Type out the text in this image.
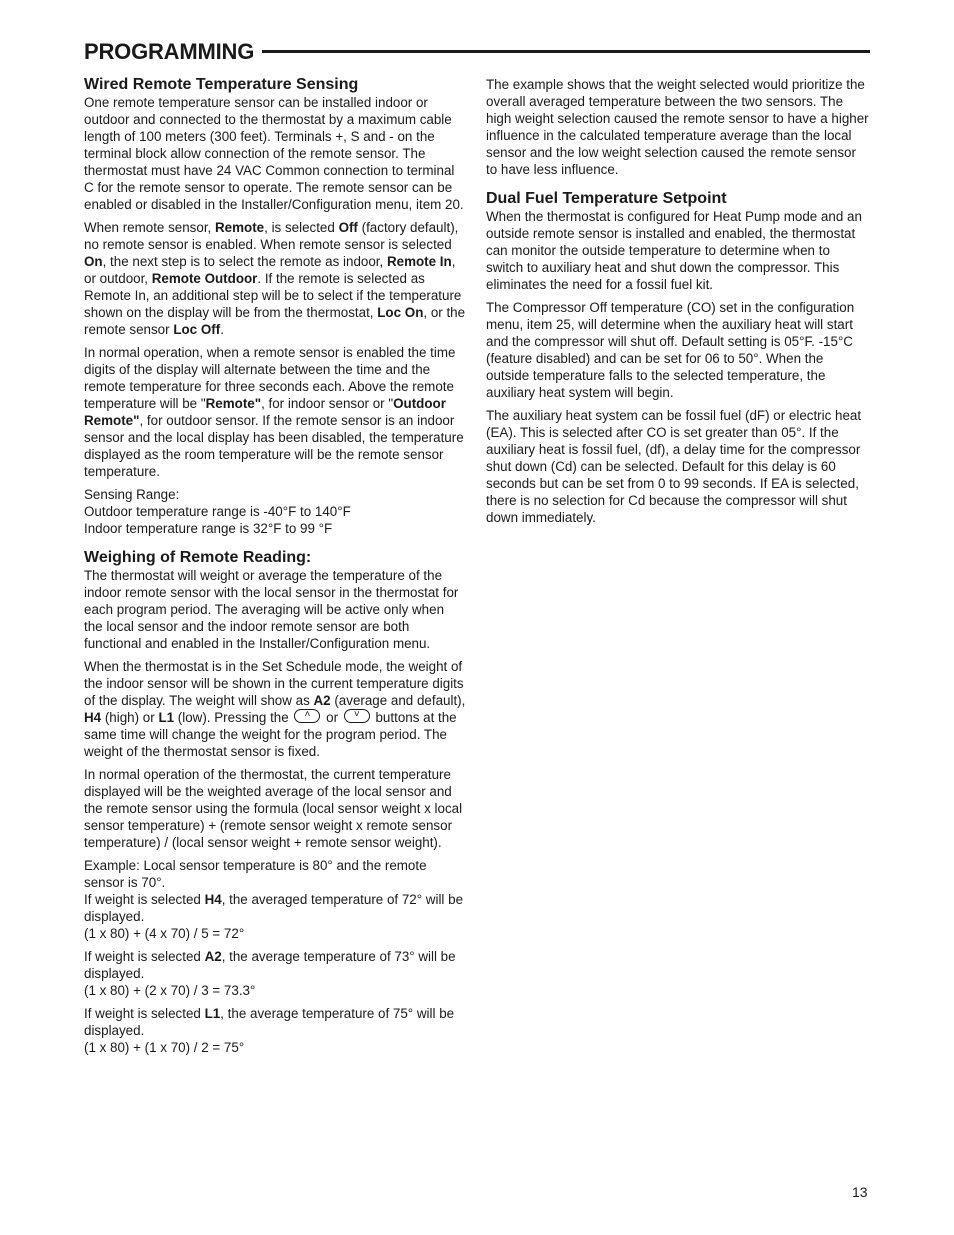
PROGRAMMING
Wired Remote Temperature Sensing

One remote temperature sensor can be installed indoor or outdoor and connected to the thermostat by a maximum cable length of 100 meters (300 feet). Terminals +, S and - on the terminal block allow connection of the remote sensor. The thermostat must have 24 VAC Common connection to terminal C for the remote sensor to operate. The remote sensor can be enabled or disabled in the Installer/Configuration menu, item 20.

When remote sensor, Remote, is selected Off (factory default), no remote sensor is enabled. When remote sensor is selected On, the next step is to select the remote as indoor, Remote In, or outdoor, Remote Outdoor. If the remote is selected as Remote In, an additional step will be to select if the temperature shown on the display will be from the thermostat, Loc On, or the remote sensor Loc Off.

In normal operation, when a remote sensor is enabled the time digits of the display will alternate between the time and the remote temperature for three seconds each. Above the remote temperature will be "Remote", for indoor sensor or "Outdoor Remote", for outdoor sensor. If the remote sensor is an indoor sensor and the local display has been disabled, the temperature displayed as the room temperature will be the remote sensor temperature.

Sensing Range:
Outdoor temperature range is -40°F to 140°F
Indoor temperature range is 32°F to 99 °F

Weighing of Remote Reading:

The thermostat will weight or average the temperature of the indoor remote sensor with the local sensor in the thermostat for each program period. The averaging will be active only when the local sensor and the indoor remote sensor are both functional and enabled in the Installer/Configuration menu.

When the thermostat is in the Set Schedule mode, the weight of the indoor sensor will be shown in the current temperature digits of the display. The weight will show as A2 (average and default), H4 (high) or L1 (low). Pressing the	˄ or	˅ buttons at the same time will change the weight for the program period. The weight of the thermostat sensor is fixed.

In normal operation of the thermostat, the current temperature displayed will be the weighted average of the local sensor and the remote sensor using the formula (local sensor weight x local sensor temperature) + (remote sensor weight x remote sensor temperature) / (local sensor weight + remote sensor weight).

Example: Local sensor temperature is 80° and the remote sensor is 70°.

If weight is selected H4, the averaged temperature of 72° will be displayed.
(1 x 80) + (4 x 70) / 5 = 72°

If weight is selected A2, the average temperature of 73° will be displayed.
(1 x 80) + (2 x 70) / 3 = 73.3°

If weight is selected L1, the average temperature of 75° will be displayed.
(1 x 80) + (1 x 70) / 2 = 75°

The example shows that the weight selected would prioritize the overall averaged temperature between the two sensors. The high weight selection caused the remote sensor to have a higher influence in the calculated temperature average than the local sensor and the low weight selection caused the remote sensor to have less influence.

Dual Fuel Temperature Setpoint

When the thermostat is configured for Heat Pump mode and an outside remote sensor is installed and enabled, the thermostat can monitor the outside temperature to determine when to switch to auxiliary heat and shut down the compressor. This eliminates the need for a fossil fuel kit.

The Compressor Off temperature (CO) set in the configuration menu, item 25, will determine when the auxiliary heat will start and the compressor will shut off. Default setting is 05°F. -15°C (feature disabled) and can be set for 06 to 50°. When the outside temperature falls to the selected temperature, the auxiliary heat system will begin.

The auxiliary heat system can be fossil fuel (dF) or electric heat (EA). This is selected after CO is set greater than 05°. If the auxiliary heat is fossil fuel, (df), a delay time for the compressor shut down (Cd) can be selected. Default for this delay is 60 seconds but can be set from 0 to 99 seconds. If EA is selected, there is no selection for Cd because the compressor will shut down immediately.

13
